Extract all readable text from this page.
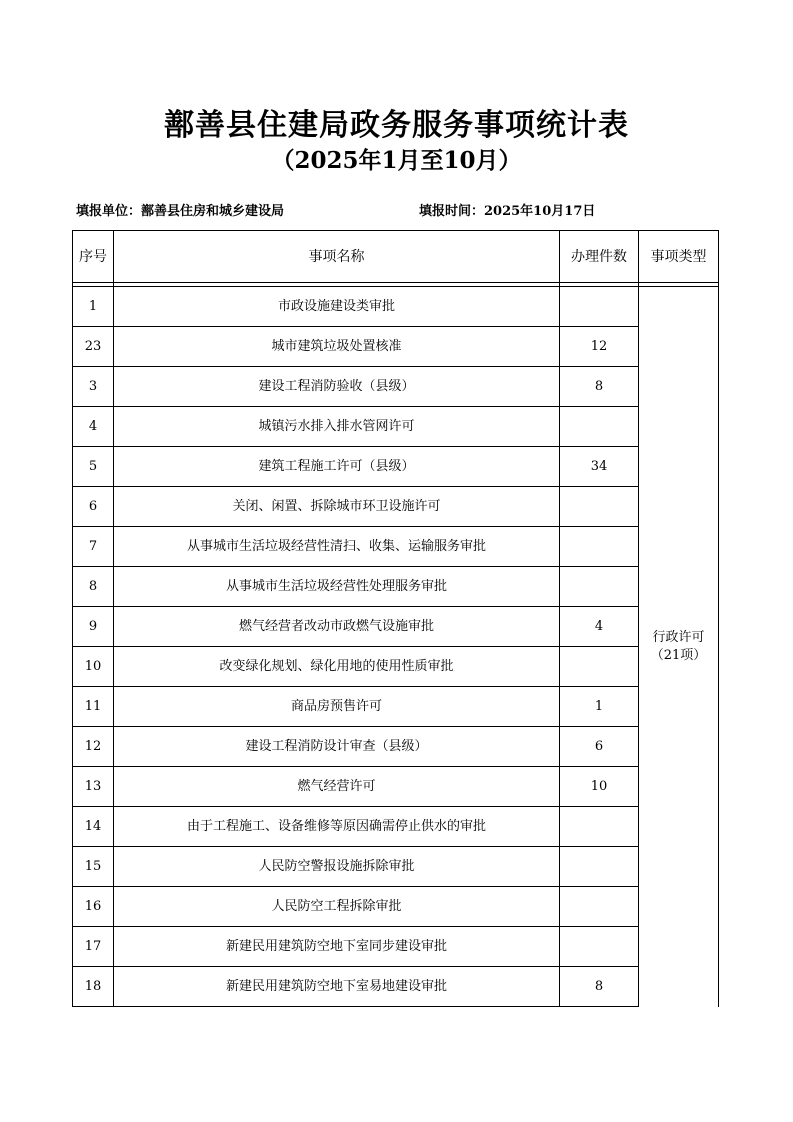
鄯善县住建局政务服务事项统计表
（2025年1月至10月）
填报单位：鄯善县住房和城乡建设局	填报时间：2025年10月17日
序号	事项名称	办理件数	事项类型

1	市政设施建设类审批		行政许可
（21项）

23	城市建筑垃圾处置核准	12	
3	建设工程消防验收（县级）	8	
4	城镇污水排入排水管网许可		
5	建筑工程施工许可（县级）	34	
6	关闭、闲置、拆除城市环卫设施许可		
7	从事城市生活垃圾经营性清扫、收集、运输服务审批		
8	从事城市生活垃圾经营性处理服务审批		
9	燃气经营者改动市政燃气设施审批	4	
10	改变绿化规划、绿化用地的使用性质审批		
11	商品房预售许可	1	
12	建设工程消防设计审查（县级）	6	
13	燃气经营许可	10	
14	由于工程施工、设备维修等原因确需停止供水的审批		
15	人民防空警报设施拆除审批		
16	人民防空工程拆除审批		
17	新建民用建筑防空地下室同步建设审批		
18	新建民用建筑防空地下室易地建设审批	8	
